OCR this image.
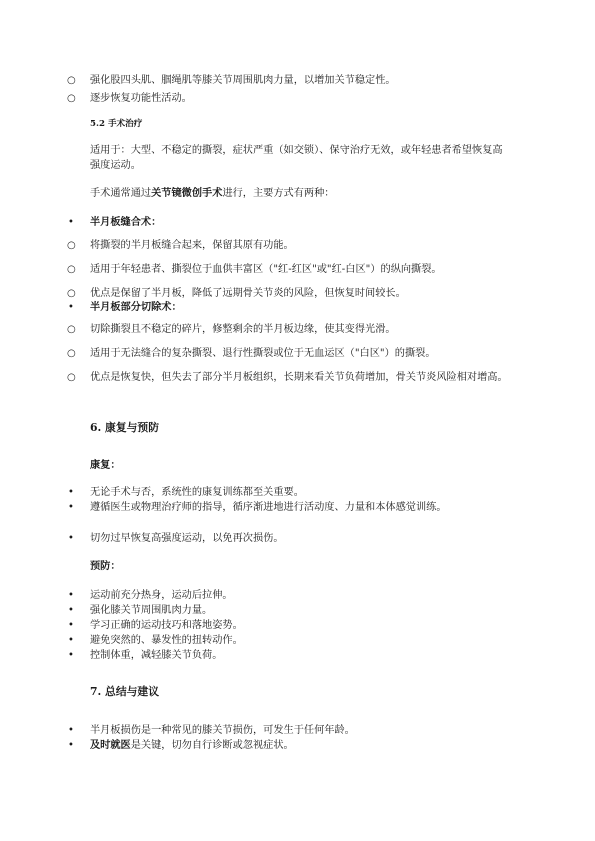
○ 强化股四头肌、腘绳肌等膝关节周围肌肉力量，以增加关节稳定性。
○ 逐步恢复功能性活动。
5.2 手术治疗
适用于：大型、不稳定的撕裂，症状严重（如交锁）、保守治疗无效，或年轻患者希望恢复高强度运动。
手术通常通过关节镜微创手术进行，主要方式有两种：
• 半月板缝合术：
○ 将撕裂的半月板缝合起来，保留其原有功能。
○ 适用于年轻患者、撕裂位于血供丰富区（"红-红区"或"红-白区"）的纵向撕裂。
○ 优点是保留了半月板，降低了远期骨关节炎的风险，但恢复时间较长。
• 半月板部分切除术：
○ 切除撕裂且不稳定的碎片，修整剩余的半月板边缘，使其变得光滑。
○ 适用于无法缝合的复杂撕裂、退行性撕裂或位于无血运区（"白区"）的撕裂。
○ 优点是恢复快，但失去了部分半月板组织，长期来看关节负荷增加，骨关节炎风险相对增高。
6. 康复与预防
康复：
• 无论手术与否，系统性的康复训练都至关重要。
• 遵循医生或物理治疗师的指导，循序渐进地进行活动度、力量和本体感觉训练。
• 切勿过早恢复高强度运动，以免再次损伤。
预防：
• 运动前充分热身，运动后拉伸。
• 强化膝关节周围肌肉力量。
• 学习正确的运动技巧和落地姿势。
• 避免突然的、暴发性的扭转动作。
• 控制体重，减轻膝关节负荷。
7. 总结与建议
• 半月板损伤是一种常见的膝关节损伤，可发生于任何年龄。
• 及时就医是关键，切勿自行诊断或忽视症状。
